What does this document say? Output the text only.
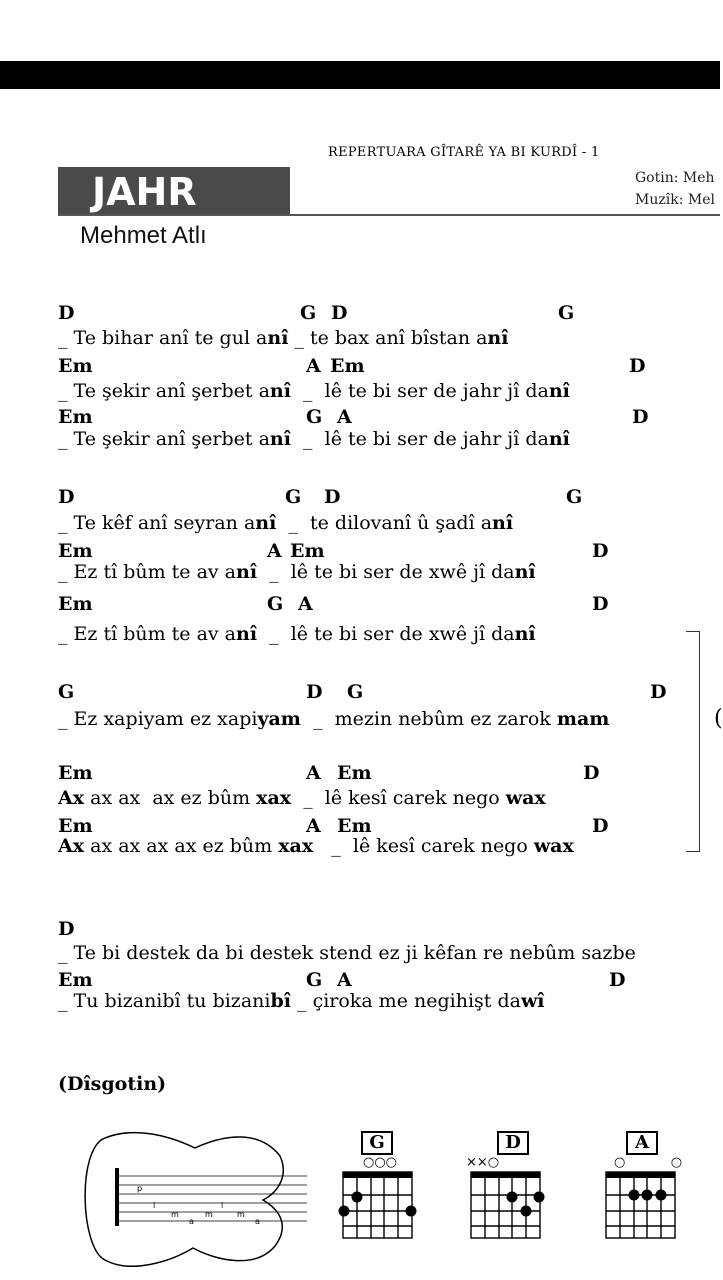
REPERTUARA GÎTARÊ YA BI KURDÎ - 1
JAHR	Gotin: Meh
Muzîk: Mel
Mehmet Atlı
D	G D	G
_ Te bihar anî te gul anî _ te bax anî bîstan anî
Em	A Em	D
_ Te şekir anî şerbet anî  _  lê te bi ser de jahr jî danî
Em	G A	D
_ Te şekir anî şerbet anî  _  lê te bi ser de jahr jî danî
D	G D	G
_ Te kêf anî seyran anî  _  te dilovanî û şadî anî
Em	A Em	D
_ Ez tî bûm te av anî  _  lê te bi ser de xwê jî danî
Em	G A	D
_ Ez tî bûm te av anî  _  lê te bi ser de xwê jî danî
(
G	D G	D
_ Ez xapiyam ez xapiyam  _  mezin nebûm ez zarok mam
Em	A Em	D
Ax ax ax  ax ez bûm xax  _  lê kesî carek nego wax
Em	A Em	D
Ax ax ax ax ax ez bûm xax   _  lê kesî carek nego wax
D
_ Te bi destek da bi destek stend ez ji kêfan re nebûm sazbe
Em	G A	D
_ Tu bizanibî tu bizanibî _ çiroka me negihişt dawî
(Dîsgotin)
p
i
m
a
m
i
m
a
G
○○○
D
××○
A
○           ○
